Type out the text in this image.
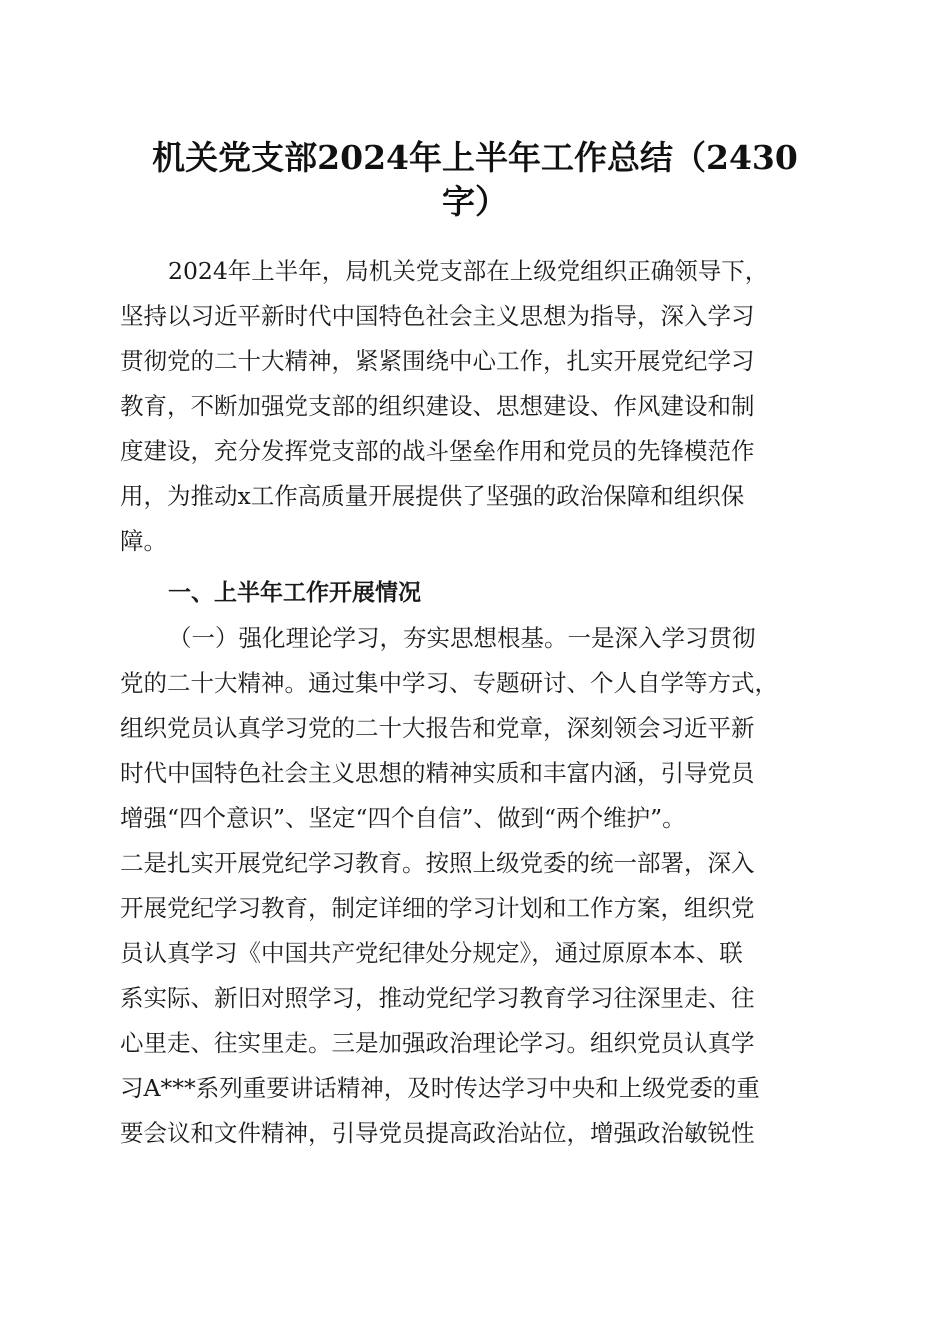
机关党支部2024年上半年工作总结（2430
字）
2024年上半年，局机关党支部在上级党组织正确领导下，
坚持以习近平新时代中国特色社会主义思想为指导，深入学习
贯彻党的二十大精神，紧紧围绕中心工作，扎实开展党纪学习
教育，不断加强党支部的组织建设、思想建设、作风建设和制
度建设，充分发挥党支部的战斗堡垒作用和党员的先锋模范作
用，为推动x工作高质量开展提供了坚强的政治保障和组织保
障。
一、上半年工作开展情况
（一）强化理论学习，夯实思想根基。一是深入学习贯彻
党的二十大精神。通过集中学习、专题研讨、个人自学等方式，
组织党员认真学习党的二十大报告和党章，深刻领会习近平新
时代中国特色社会主义思想的精神实质和丰富内涵，引导党员
增强“四个意识”、坚定“四个自信”、做到“两个维护”。
二是扎实开展党纪学习教育。按照上级党委的统一部署，深入
开展党纪学习教育，制定详细的学习计划和工作方案，组织党
员认真学习《中国共产党纪律处分规定》，通过原原本本、联
系实际、新旧对照学习，推动党纪学习教育学习往深里走、往
心里走、往实里走。三是加强政治理论学习。组织党员认真学
习A***系列重要讲话精神，及时传达学习中央和上级党委的重
要会议和文件精神，引导党员提高政治站位，增强政治敏锐性
